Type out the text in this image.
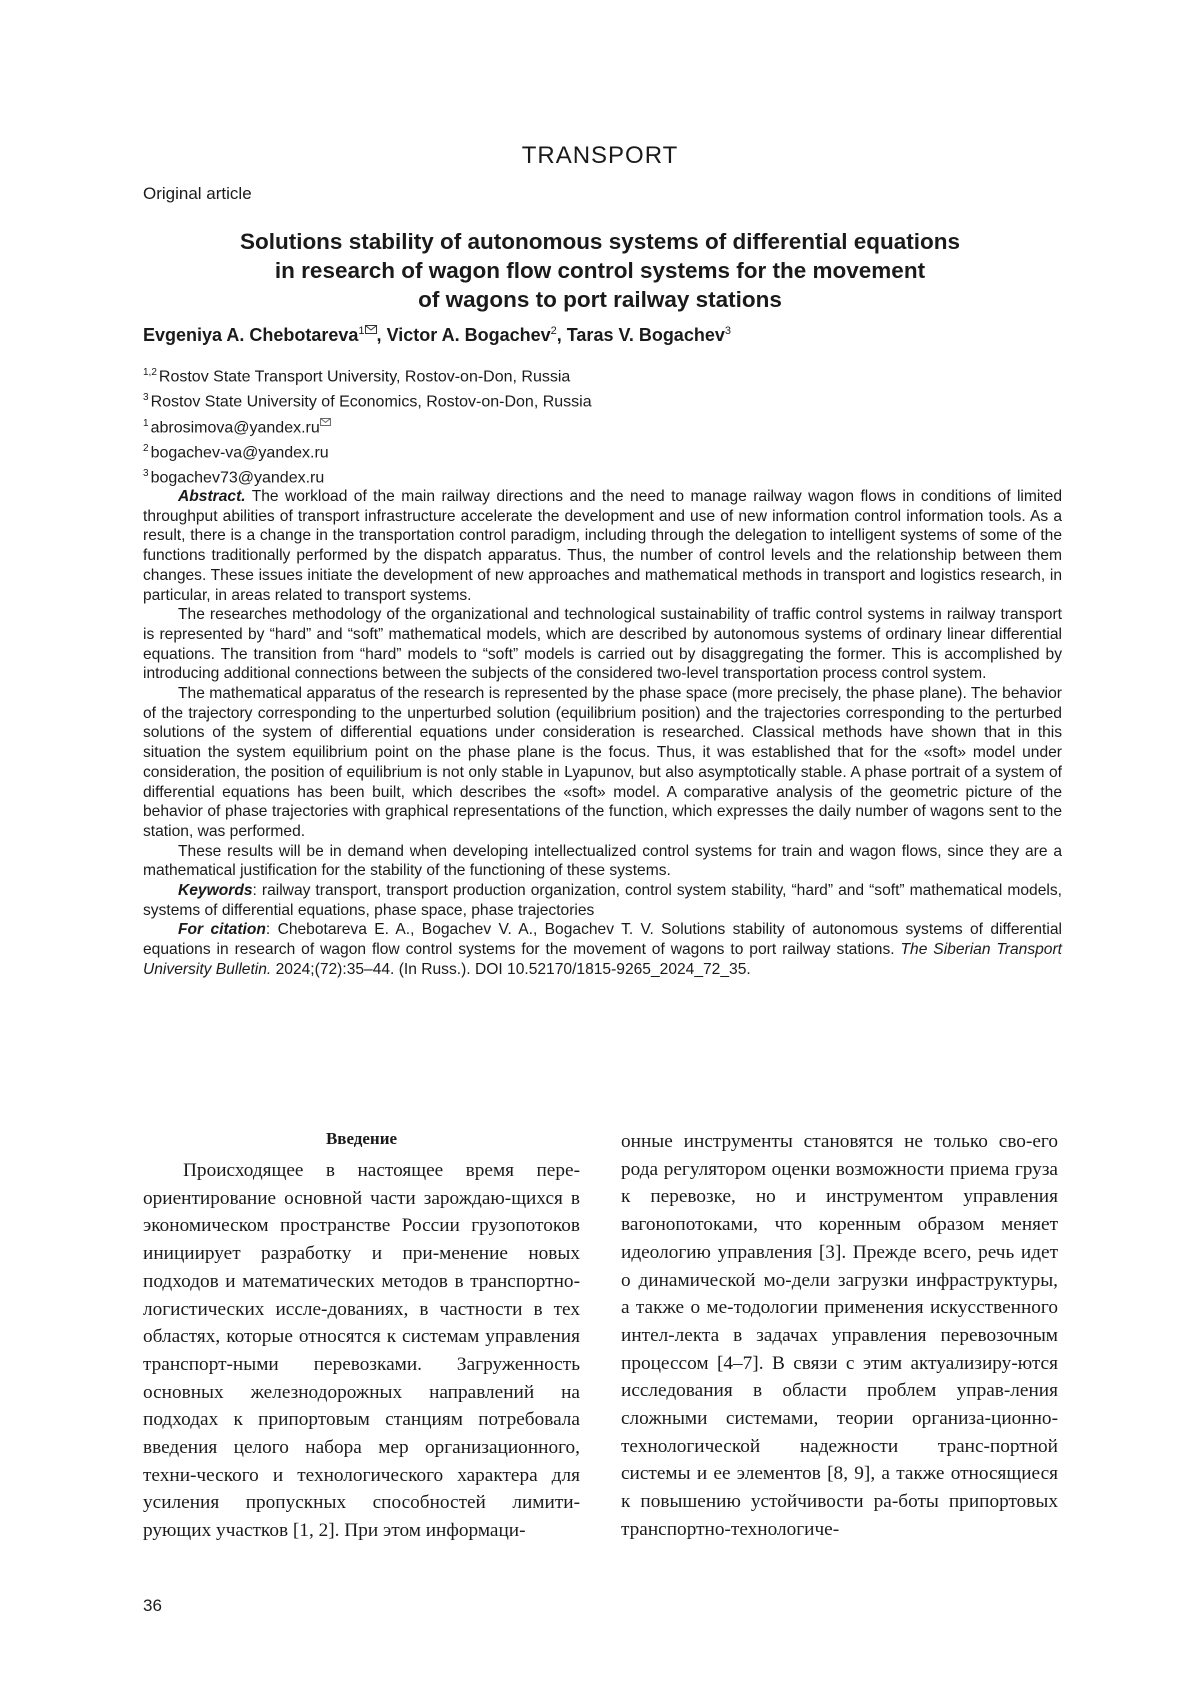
TRANSPORT
Original article
Solutions stability of autonomous systems of differential equations
in research of wagon flow control systems for the movement
of wagons to port railway stations
Evgeniya A. Chebotareva$^1$ , Victor A. Bogachev$^2$, Taras V. Bogachev$^3$
$^{1,2}$ Rostov State Transport University, Rostov-on-Don, Russia
$^3$ Rostov State University of Economics, Rostov-on-Don, Russia
$^1$ abrosimova@yandex.ru
$^2$ bogachev-va@yandex.ru
$^3$ bogachev73@yandex.ru

Abstract. The workload of the main railway directions and the need to manage railway wagon flows in conditions of limited throughput abilities of transport infrastructure accelerate the development and use of new information control information tools. As a result, there is a change in the transportation control paradigm, including through the delegation to intelligent systems of some of the functions traditionally performed by the dispatch apparatus. Thus, the number of control levels and the relationship between them changes. These issues initiate the development of new approaches and mathematical methods in transport and logistics research, in particular, in areas related to transport systems.

The researches methodology of the organizational and technological sustainability of traffic control systems in railway transport is represented by “hard” and “soft” mathematical models, which are described by autonomous systems of ordinary linear differential equations. The transition from “hard” models to “soft” models is carried out by disaggregating the former. This is accomplished by introducing additional connections between the subjects of the considered two-level transportation process control system.

The mathematical apparatus of the research is represented by the phase space (more precisely, the phase plane). The behavior of the trajectory corresponding to the unperturbed solution (equilibrium position) and the trajectories corresponding to the perturbed solutions of the system of differential equations under consideration is researched. Classical methods have shown that in this situation the system equilibrium point on the phase plane is the focus. Thus, it was established that for the «soft» model under consideration, the position of equilibrium is not only stable in Lyapunov, but also asymptotically stable. A phase portrait of a system of differential equations has been built, which describes the «soft» model. A comparative analysis of the geometric picture of the behavior of phase trajectories with graphical representations of the function, which expresses the daily number of wagons sent to the station, was performed.

These results will be in demand when developing intellectualized control systems for train and wagon flows, since they are a mathematical justification for the stability of the functioning of these systems.

Keywords: railway transport, transport production organization, control system stability, “hard” and “soft” mathematical models, systems of differential equations, phase space, phase trajectories

For citation: Chebotareva E. A., Bogachev V. A., Bogachev T. V. Solutions stability of autonomous systems of differential equations in research of wagon flow control systems for the movement of wagons to port railway stations. The Siberian Transport University Bulletin. 2024;(72):35–44. (In Russ.). DOI 10.52170/1815-9265_2024_72_35.

Введение

Происходящее в настоящее время пере-ориентирование основной части зарождаю-щихся в экономическом пространстве России грузопотоков инициирует разработку и при-менение новых подходов и математических методов в транспортно-логистических иссле-дованиях, в частности в тех областях, которые относятся к системам управления транспорт-ными перевозками. Загруженность основных железнодорожных направлений на подходах к припортовым станциям потребовала введения целого набора мер организационного, техни-ческого и технологического характера для усиления пропускных способностей лимити-рующих участков [1, 2]. При этом информаци-

онные инструменты становятся не только сво-его рода регулятором оценки возможности приема груза к перевозке, но и инструментом управления вагонопотоками, что коренным образом меняет идеологию управления [3]. Прежде всего, речь идет о динамической мо-дели загрузки инфраструктуры, а также о ме-тодологии применения искусственного интел-лекта в задачах управления перевозочным процессом [4–7]. В связи с этим актуализиру-ются исследования в области проблем управ-ления сложными системами, теории организа-ционно-технологической надежности транс-портной системы и ее элементов [8, 9], а также относящиеся к повышению устойчивости ра-боты припортовых транспортно-технологиче-

36
